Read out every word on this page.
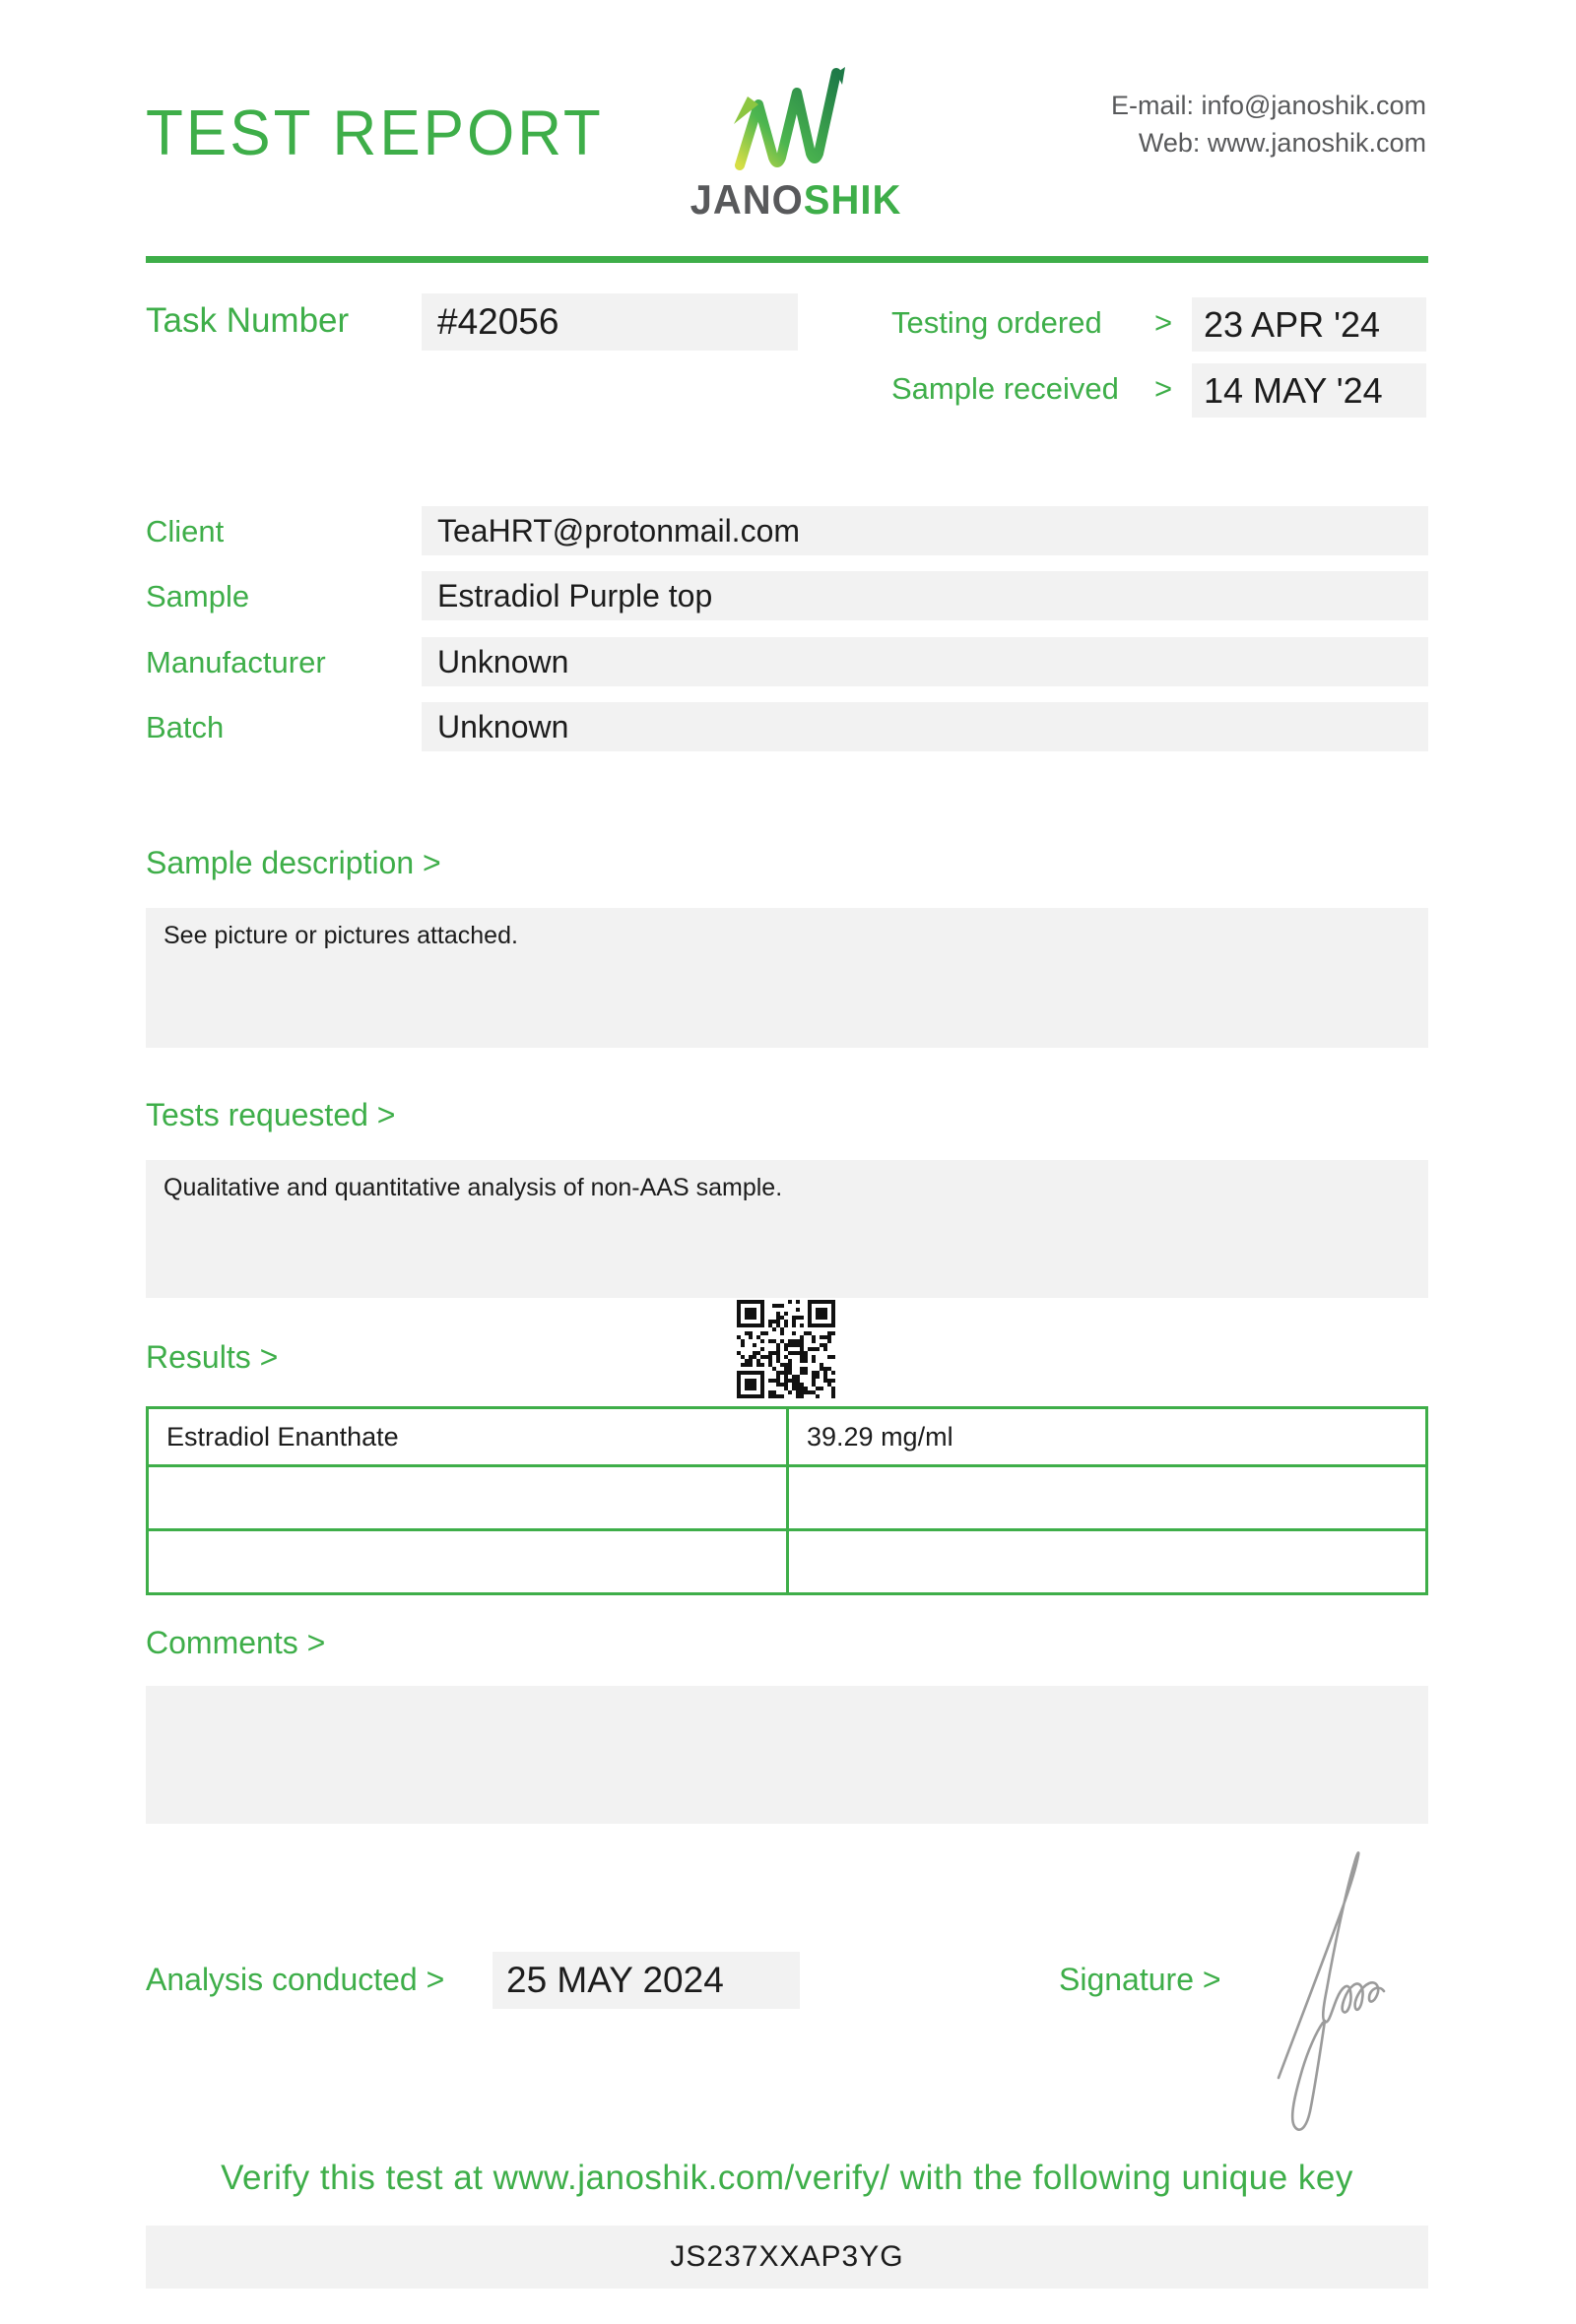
TEST REPORT
JANOSHIK
E-mail: info@janoshik.com
Web: www.janoshik.com
Task Number	#42056	Testing ordered > 23 APR '24
Sample received > 14 MAY '24
Client	TeaHRT@protonmail.com
Sample	Estradiol Purple top
Manufacturer	Unknown
Batch	Unknown
Sample description >
See picture or pictures attached.
Tests requested >
Qualitative and quantitative analysis of non-AAS sample.
Results >
Estradiol Enanthate	39.29 mg/ml
Comments >
Analysis conducted >	25 MAY 2024	Signature >
Verify this test at www.janoshik.com/verify/ with the following unique key
JS237XXAP3YG
